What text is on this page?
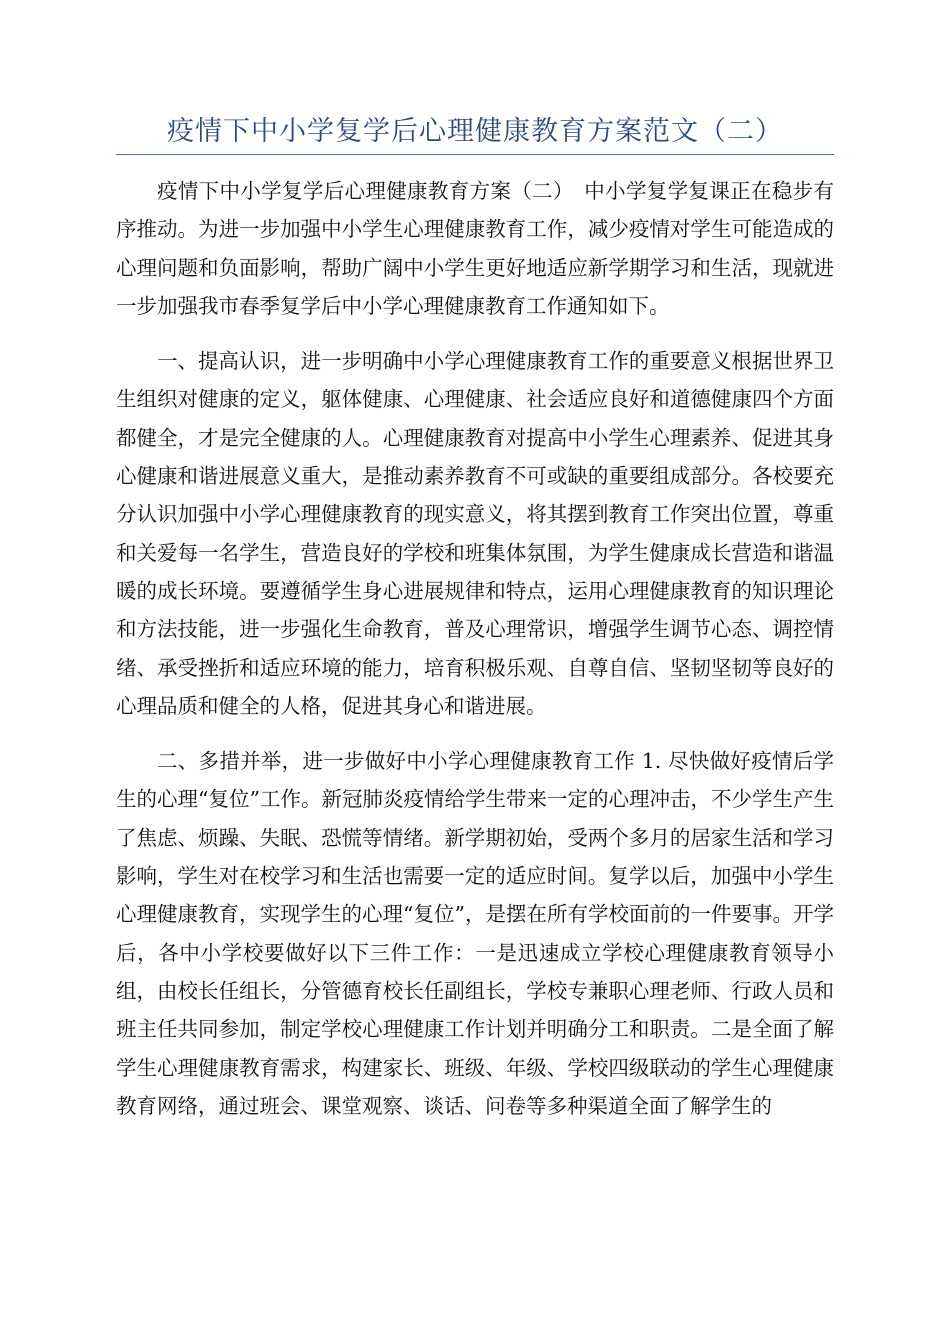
疫情下中小学复学后心理健康教育方案范文（二）

疫情下中小学复学后心理健康教育方案（二）　中小学复学复课正在稳步有序推动。为进一步加强中小学生心理健康教育工作，减少疫情对学生可能造成的心理问题和负面影响，帮助广阔中小学生更好地适应新学期学习和生活，现就进一步加强我市春季复学后中小学心理健康教育工作通知如下。

一、提高认识，进一步明确中小学心理健康教育工作的重要意义根据世界卫生组织对健康的定义，躯体健康、心理健康、社会适应良好和道德健康四个方面都健全，才是完全健康的人。心理健康教育对提高中小学生心理素养、促进其身心健康和谐进展意义重大，是推动素养教育不可或缺的重要组成部分。各校要充分认识加强中小学心理健康教育的现实意义，将其摆到教育工作突出位置，尊重和关爱每一名学生，营造良好的学校和班集体氛围，为学生健康成长营造和谐温暖的成长环境。要遵循学生身心进展规律和特点，运用心理健康教育的知识理论和方法技能，进一步强化生命教育，普及心理常识，增强学生调节心态、调控情绪、承受挫折和适应环境的能力，培育积极乐观、自尊自信、坚韧坚韧等良好的心理品质和健全的人格，促进其身心和谐进展。

二、多措并举，进一步做好中小学心理健康教育工作 1. 尽快做好疫情后学生的心理“复位”工作。新冠肺炎疫情给学生带来一定的心理冲击，不少学生产生了焦虑、烦躁、失眠、恐慌等情绪。新学期初始，受两个多月的居家生活和学习影响，学生对在校学习和生活也需要一定的适应时间。复学以后，加强中小学生心理健康教育，实现学生的心理“复位”，是摆在所有学校面前的一件要事。开学后，各中小学校要做好以下三件工作：一是迅速成立学校心理健康教育领导小组，由校长任组长，分管德育校长任副组长，学校专兼职心理老师、行政人员和班主任共同参加，制定学校心理健康工作计划并明确分工和职责。二是全面了解学生心理健康教育需求，构建家长、班级、年级、学校四级联动的学生心理健康教育网络，通过班会、课堂观察、谈话、问卷等多种渠道全面了解学生的
